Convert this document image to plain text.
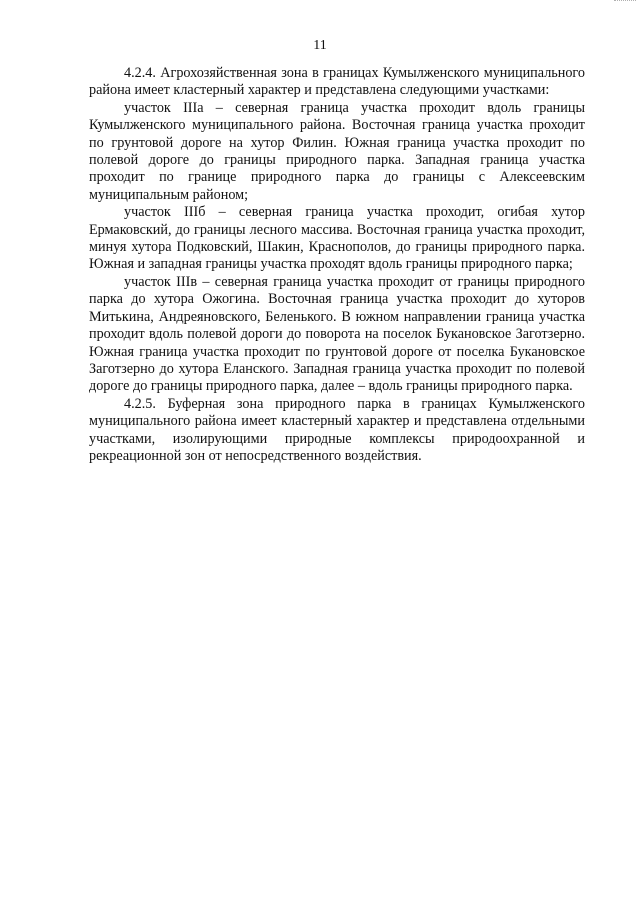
11

4.2.4. Агрохозяйственная зона в границах Кумылженского муниципального района имеет кластерный характер и представлена следующими участками:

участок IIIа – северная граница участка проходит вдоль границы Кумылженского муниципального района. Восточная граница участка проходит по грунтовой дороге на хутор Филин. Южная граница участка проходит по полевой дороге до границы природного парка. Западная граница участка проходит по границе природного парка до границы с Алексеевским муниципальным районом;

участок IIIб – северная граница участка проходит, огибая хутор Ермаковский, до границы лесного массива. Восточная граница участка проходит, минуя хутора Подковский, Шакин, Краснополов, до границы природного парка. Южная и западная границы участка проходят вдоль границы природного парка;

участок IIIв – северная граница участка проходит от границы природного парка до хутора Ожогина. Восточная граница участка проходит до хуторов Митькина, Андреяновского, Беленького. В южном направлении граница участка проходит вдоль полевой дороги до поворота на поселок Букановское Заготзерно. Южная граница участка проходит по грунтовой дороге от поселка Букановское Заготзерно до хутора Еланского. Западная граница участка проходит по полевой дороге до границы природного парка, далее – вдоль границы природного парка.

4.2.5. Буферная зона природного парка в границах Кумылженского муниципального района имеет кластерный характер и представлена отдельными участками, изолирующими природные комплексы природоохранной и рекреационной зон от непосредственного воздействия.
